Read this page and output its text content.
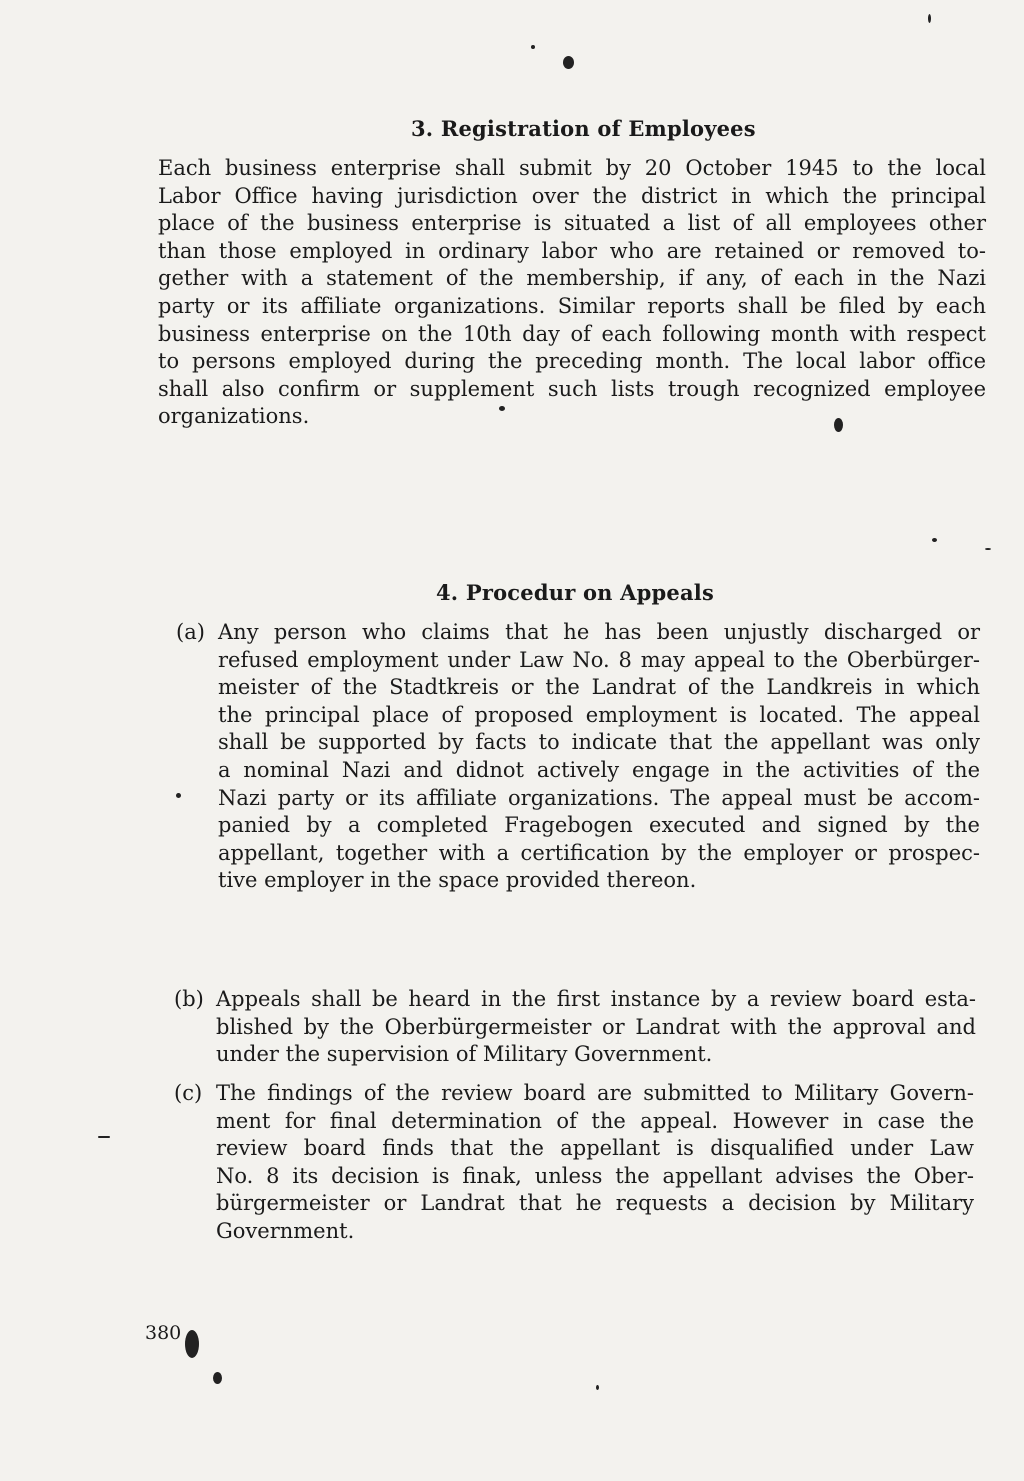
3. Registration of Employees
Each business enterprise shall submit by 20 October 1945 to the local
Labor Office having jurisdiction over the district in which the principal
place of the business enterprise is situated a list of all employees other
than those employed in ordinary labor who are retained or removed to-
gether with a statement of the membership, if any, of each in the Nazi
party or its affiliate organizations. Similar reports shall be filed by each
business enterprise on the 10th day of each following month with respect
to persons employed during the preceding month. The local labor office
shall also confirm or supplement such lists trough recognized employee
organizations.
4. Procedur on Appeals
(a) Any person who claims that he has been unjustly discharged or
refused employment under Law No. 8 may appeal to the Oberbürger-
meister of the Stadtkreis or the Landrat of the Landkreis in which
the principal place of proposed employment is located. The appeal
shall be supported by facts to indicate that the appellant was only
a nominal Nazi and didnot actively engage in the activities of the
Nazi party or its affiliate organizations. The appeal must be accom-
panied by a completed Fragebogen executed and signed by the
appellant, together with a certification by the employer or prospec-
tive employer in the space provided thereon.
(b) Appeals shall be heard in the first instance by a review board esta-
blished by the Oberbürgermeister or Landrat with the approval and
under the supervision of Military Government.
(c) The findings of the review board are submitted to Military Govern-
ment for final determination of the appeal. However in case the
review board finds that the appellant is disqualified under Law
No. 8 its decision is finak, unless the appellant advises the Ober-
bürgermeister or Landrat that he requests a decision by Military
Government.
380
